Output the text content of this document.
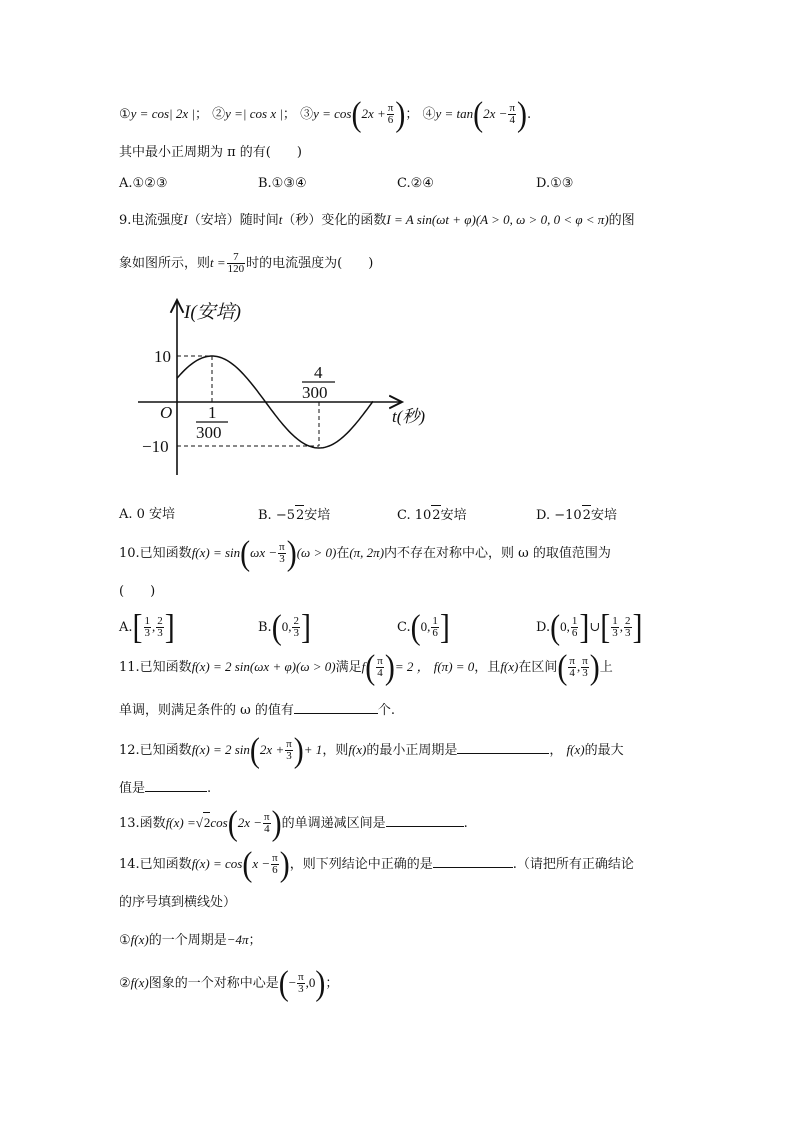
①y = cos| 2x |； ②y =| cos x |； ③y = $\cos(2x + \frac{\pi}{6}$ )； ④y = $\tan(2x - \frac{\pi}{4}$ ).
其中最小正周期为 π 的有(　　)
A.①②③	B.①③④	C.②④	D.①③
9.电流强度I（安培）随时间t（秒）变化的函数I = A sin(ωt + φ)(A > 0, ω > 0, 0 < φ < π)的图
象如图所示，则$t = \frac{7}{120}$ 时的电流强度为(　　)
I(安培)
t(秒)
O
10
−10
1
300
4
300
A. 0 安培	B. −52安培	C. 102安培	D. −102安培
10.已知函数$f(x) = \sin(\omega x - \frac{\pi}{3} )(\omega > 0)$在(π, 2π)内不存在对称中心，则 ω 的取值范围为
(　　)
$A.[ \frac{1}{3}$ , $\frac{2}{3}$ ]	B.(0, $\frac{2}{3}$ ]	C.(0, $\frac{1}{6}$ ]	D.(0, $\frac{1}{6}$ ]∪[ $\frac{1}{3}$ , $\frac{2}{3}$ ]
11.已知函数f(x) = 2 sin(ωx + φ)(ω > 0)满足$f( \frac{\pi}{4}$ )= 2 ， f(π) = 0，且f(x)在区间( $\frac{\pi}{4}$ , $\frac{\pi}{3}$ )上
单调，则满足条件的 ω 的值有	个.
12.已知函数f(x) = 2 $\sin(2x + \frac{\pi}{3}$ )+ 1，则f(x)的最小正周期是	， f(x)的最大
值是	.
13.函数$f(x) =√2\cos(2x - \frac{\pi}{4}$ )的单调递减区间是	.
14.已知函数$f(x) = \cos(x - \frac{\pi}{6}$ )，则下列结论中正确的是	.（请把所有正确结论
的序号填到横线处）
①f(x)的一个周期是−4π；
②f(x)图象的一个对称中心是(− $\frac{\pi}{3} ,0$)；
